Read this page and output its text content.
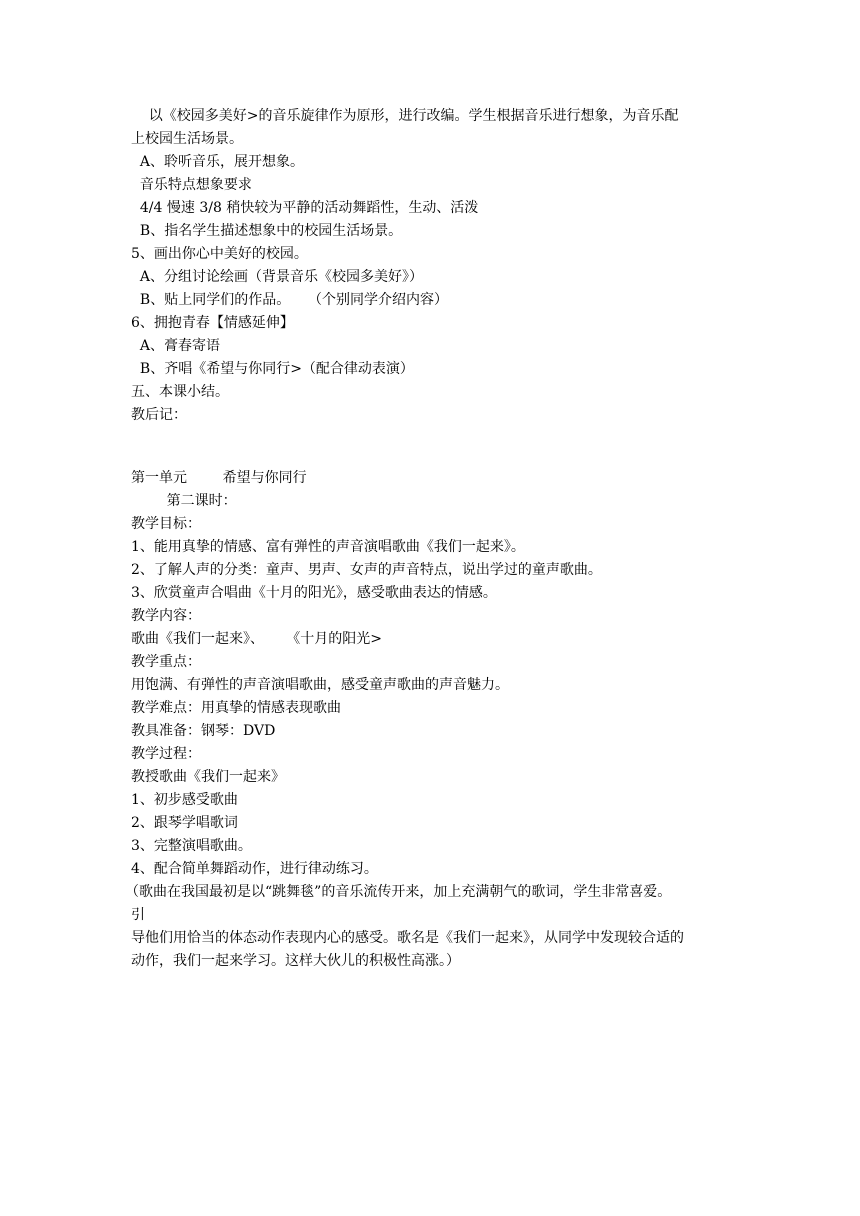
以《校园多美好>的音乐旋律作为原形，进行改编。学生根据音乐进行想象，为音乐配
上校园生活场景。
A、聆听音乐，展开想象。
音乐特点想象要求
4/4 慢速 3/8 稍快较为平静的活动舞蹈性，生动、活泼
B、指名学生描述想象中的校园生活场景。
5、画出你心中美好的校园。
A、分组讨论绘画（背景音乐《校园多美好》）
B、贴上同学们的作品。    （个别同学介绍内容）
6、拥抱青春【情感延伸】
A、膏春寄语
B、齐唱《希望与你同行>（配合律动表演）
五、本课小结。
教后记：
第一单元        希望与你同行
第二课时：
教学目标：
1、能用真挚的情感、富有弹性的声音演唱歌曲《我们一起来》。
2、了解人声的分类：童声、男声、女声的声音特点，说出学过的童声歌曲。
3、欣赏童声合唱曲《十月的阳光》，感受歌曲表达的情感。
教学内容：
歌曲《我们一起来》、     《十月的阳光>
教学重点：
用饱满、有弹性的声音演唱歌曲，感受童声歌曲的声音魅力。
教学难点：用真挚的情感表现歌曲
教具准备：钢琴：DVD
教学过程：
教授歌曲《我们一起来》
1、初步感受歌曲
2、跟琴学唱歌词
3、完整演唱歌曲。
4、配合简单舞蹈动作，进行律动练习。
（歌曲在我国最初是以“跳舞毯”的音乐流传开来，加上充满朝气的歌词，学生非常喜爱。
引
导他们用恰当的体态动作表现内心的感受。歌名是《我们一起来》，从同学中发现较合适的
动作，我们一起来学习。这样大伙儿的积极性高涨。）
